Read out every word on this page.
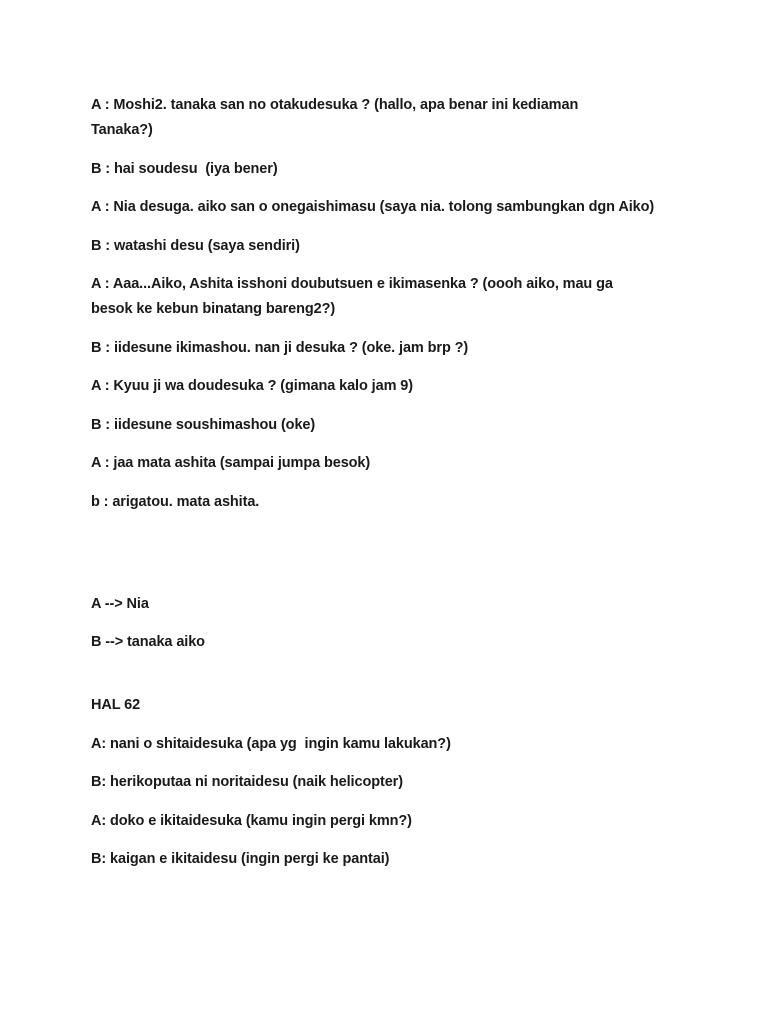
A : Moshi2. tanaka san no otakudesuka ? (hallo, apa benar ini kediaman Tanaka?)

B : hai soudesu  (iya bener)

A : Nia desuga. aiko san o onegaishimasu (saya nia. tolong sambungkan dgn Aiko)

B : watashi desu (saya sendiri)

A : Aaa...Aiko, Ashita isshoni doubutsuen e ikimasenka ? (oooh aiko, mau ga besok ke kebun binatang bareng2?)

B : iidesune ikimashou. nan ji desuka ? (oke. jam brp ?)

A : Kyuu ji wa doudesuka ? (gimana kalo jam 9)

B : iidesune soushimashou (oke)

A : jaa mata ashita (sampai jumpa besok)

b : arigatou. mata ashita.

A --> Nia

B --> tanaka aiko

HAL 62

A: nani o shitaidesuka (apa yg  ingin kamu lakukan?)

B: herikoputaa ni noritaidesu (naik helicopter)

A: doko e ikitaidesuka (kamu ingin pergi kmn?)

B: kaigan e ikitaidesu (ingin pergi ke pantai)
